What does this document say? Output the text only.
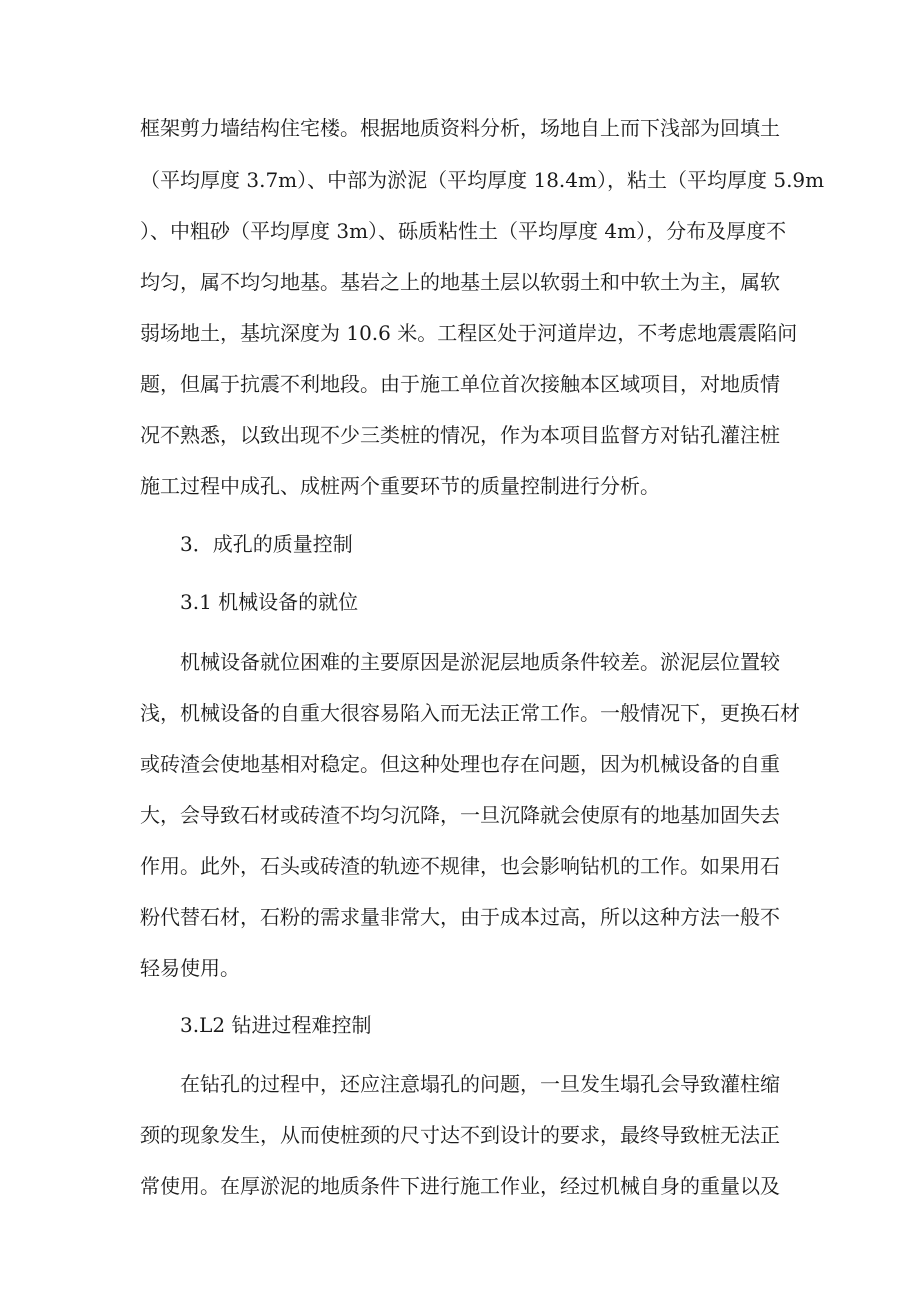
框架剪力墙结构住宅楼。根据地质资料分析，场地自上而下浅部为回填土
（平均厚度 3.7m）、中部为淤泥（平均厚度 18.4m），粘土（平均厚度 5.9m
）、中粗砂（平均厚度 3m）、砾质粘性土（平均厚度 4m），分布及厚度不
均匀，属不均匀地基。基岩之上的地基土层以软弱土和中软土为主，属软
弱场地土，基坑深度为 10.6 米。工程区处于河道岸边，不考虑地震震陷问
题，但属于抗震不利地段。由于施工单位首次接触本区域项目，对地质情
况不熟悉，以致出现不少三类桩的情况，作为本项目监督方对钻孔灌注桩
施工过程中成孔、成桩两个重要环节的质量控制进行分析。
3．成孔的质量控制
3.1 机械设备的就位
机械设备就位困难的主要原因是淤泥层地质条件较差。淤泥层位置较
浅，机械设备的自重大很容易陷入而无法正常工作。一般情况下，更换石材
或砖渣会使地基相对稳定。但这种处理也存在问题，因为机械设备的自重
大，会导致石材或砖渣不均匀沉降，一旦沉降就会使原有的地基加固失去
作用。此外，石头或砖渣的轨迹不规律，也会影响钻机的工作。如果用石
粉代替石材，石粉的需求量非常大，由于成本过高，所以这种方法一般不
轻易使用。
3.L2 钻进过程难控制
在钻孔的过程中，还应注意塌孔的问题，一旦发生塌孔会导致灌柱缩
颈的现象发生，从而使桩颈的尺寸达不到设计的要求，最终导致桩无法正
常使用。在厚淤泥的地质条件下进行施工作业，经过机械自身的重量以及
